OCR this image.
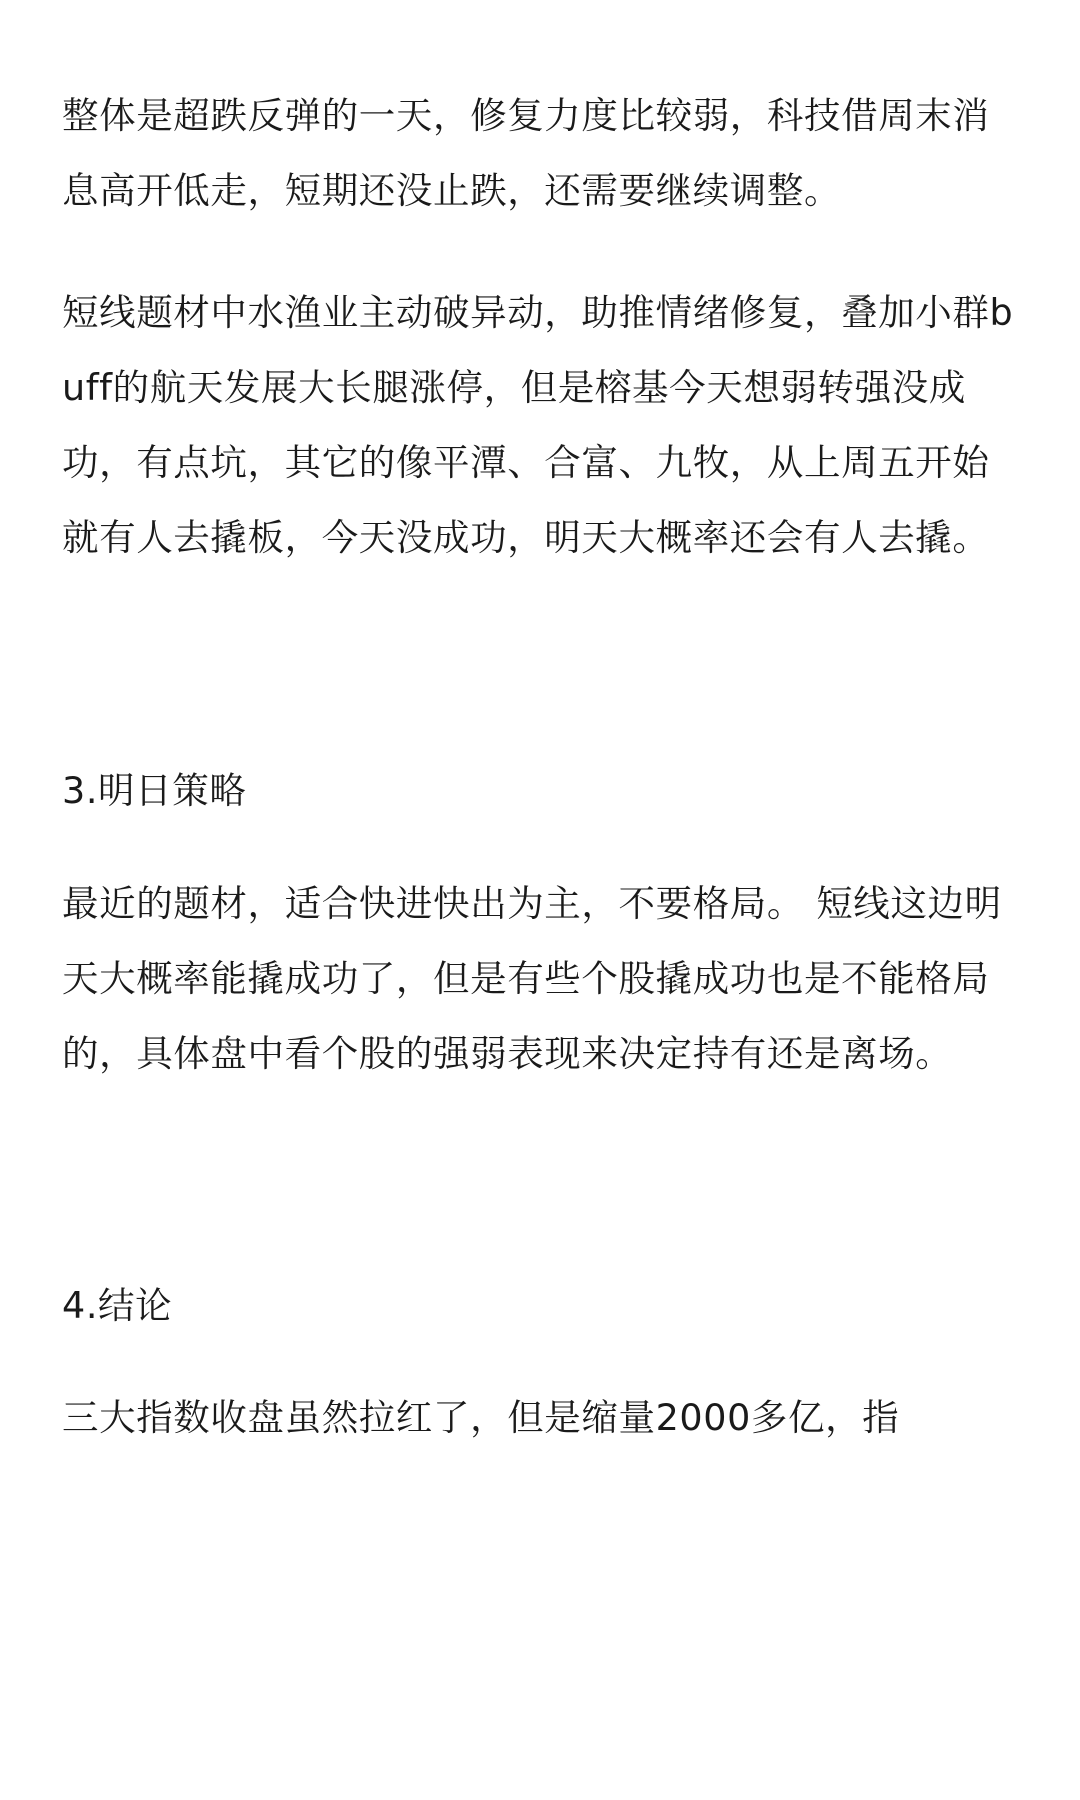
整体是超跌反弹的一天，修复力度比较弱，科技借周末消息高开低走，短期还没止跌，还需要继续调整。

短线题材中水渔业主动破异动，助推情绪修复，叠加小群buff的航天发展大长腿涨停，但是榕基今天想弱转强没成功，有点坑，其它的像平潭、合富、九牧，从上周五开始就有人去撬板，今天没成功，明天大概率还会有人去撬。

3.明日策略

最近的题材，适合快进快出为主，不要格局。 短线这边明天大概率能撬成功了，但是有些个股撬成功也是不能格局的，具体盘中看个股的强弱表现来决定持有还是离场。

4.结论

三大指数收盘虽然拉红了，但是缩量2000多亿，指
